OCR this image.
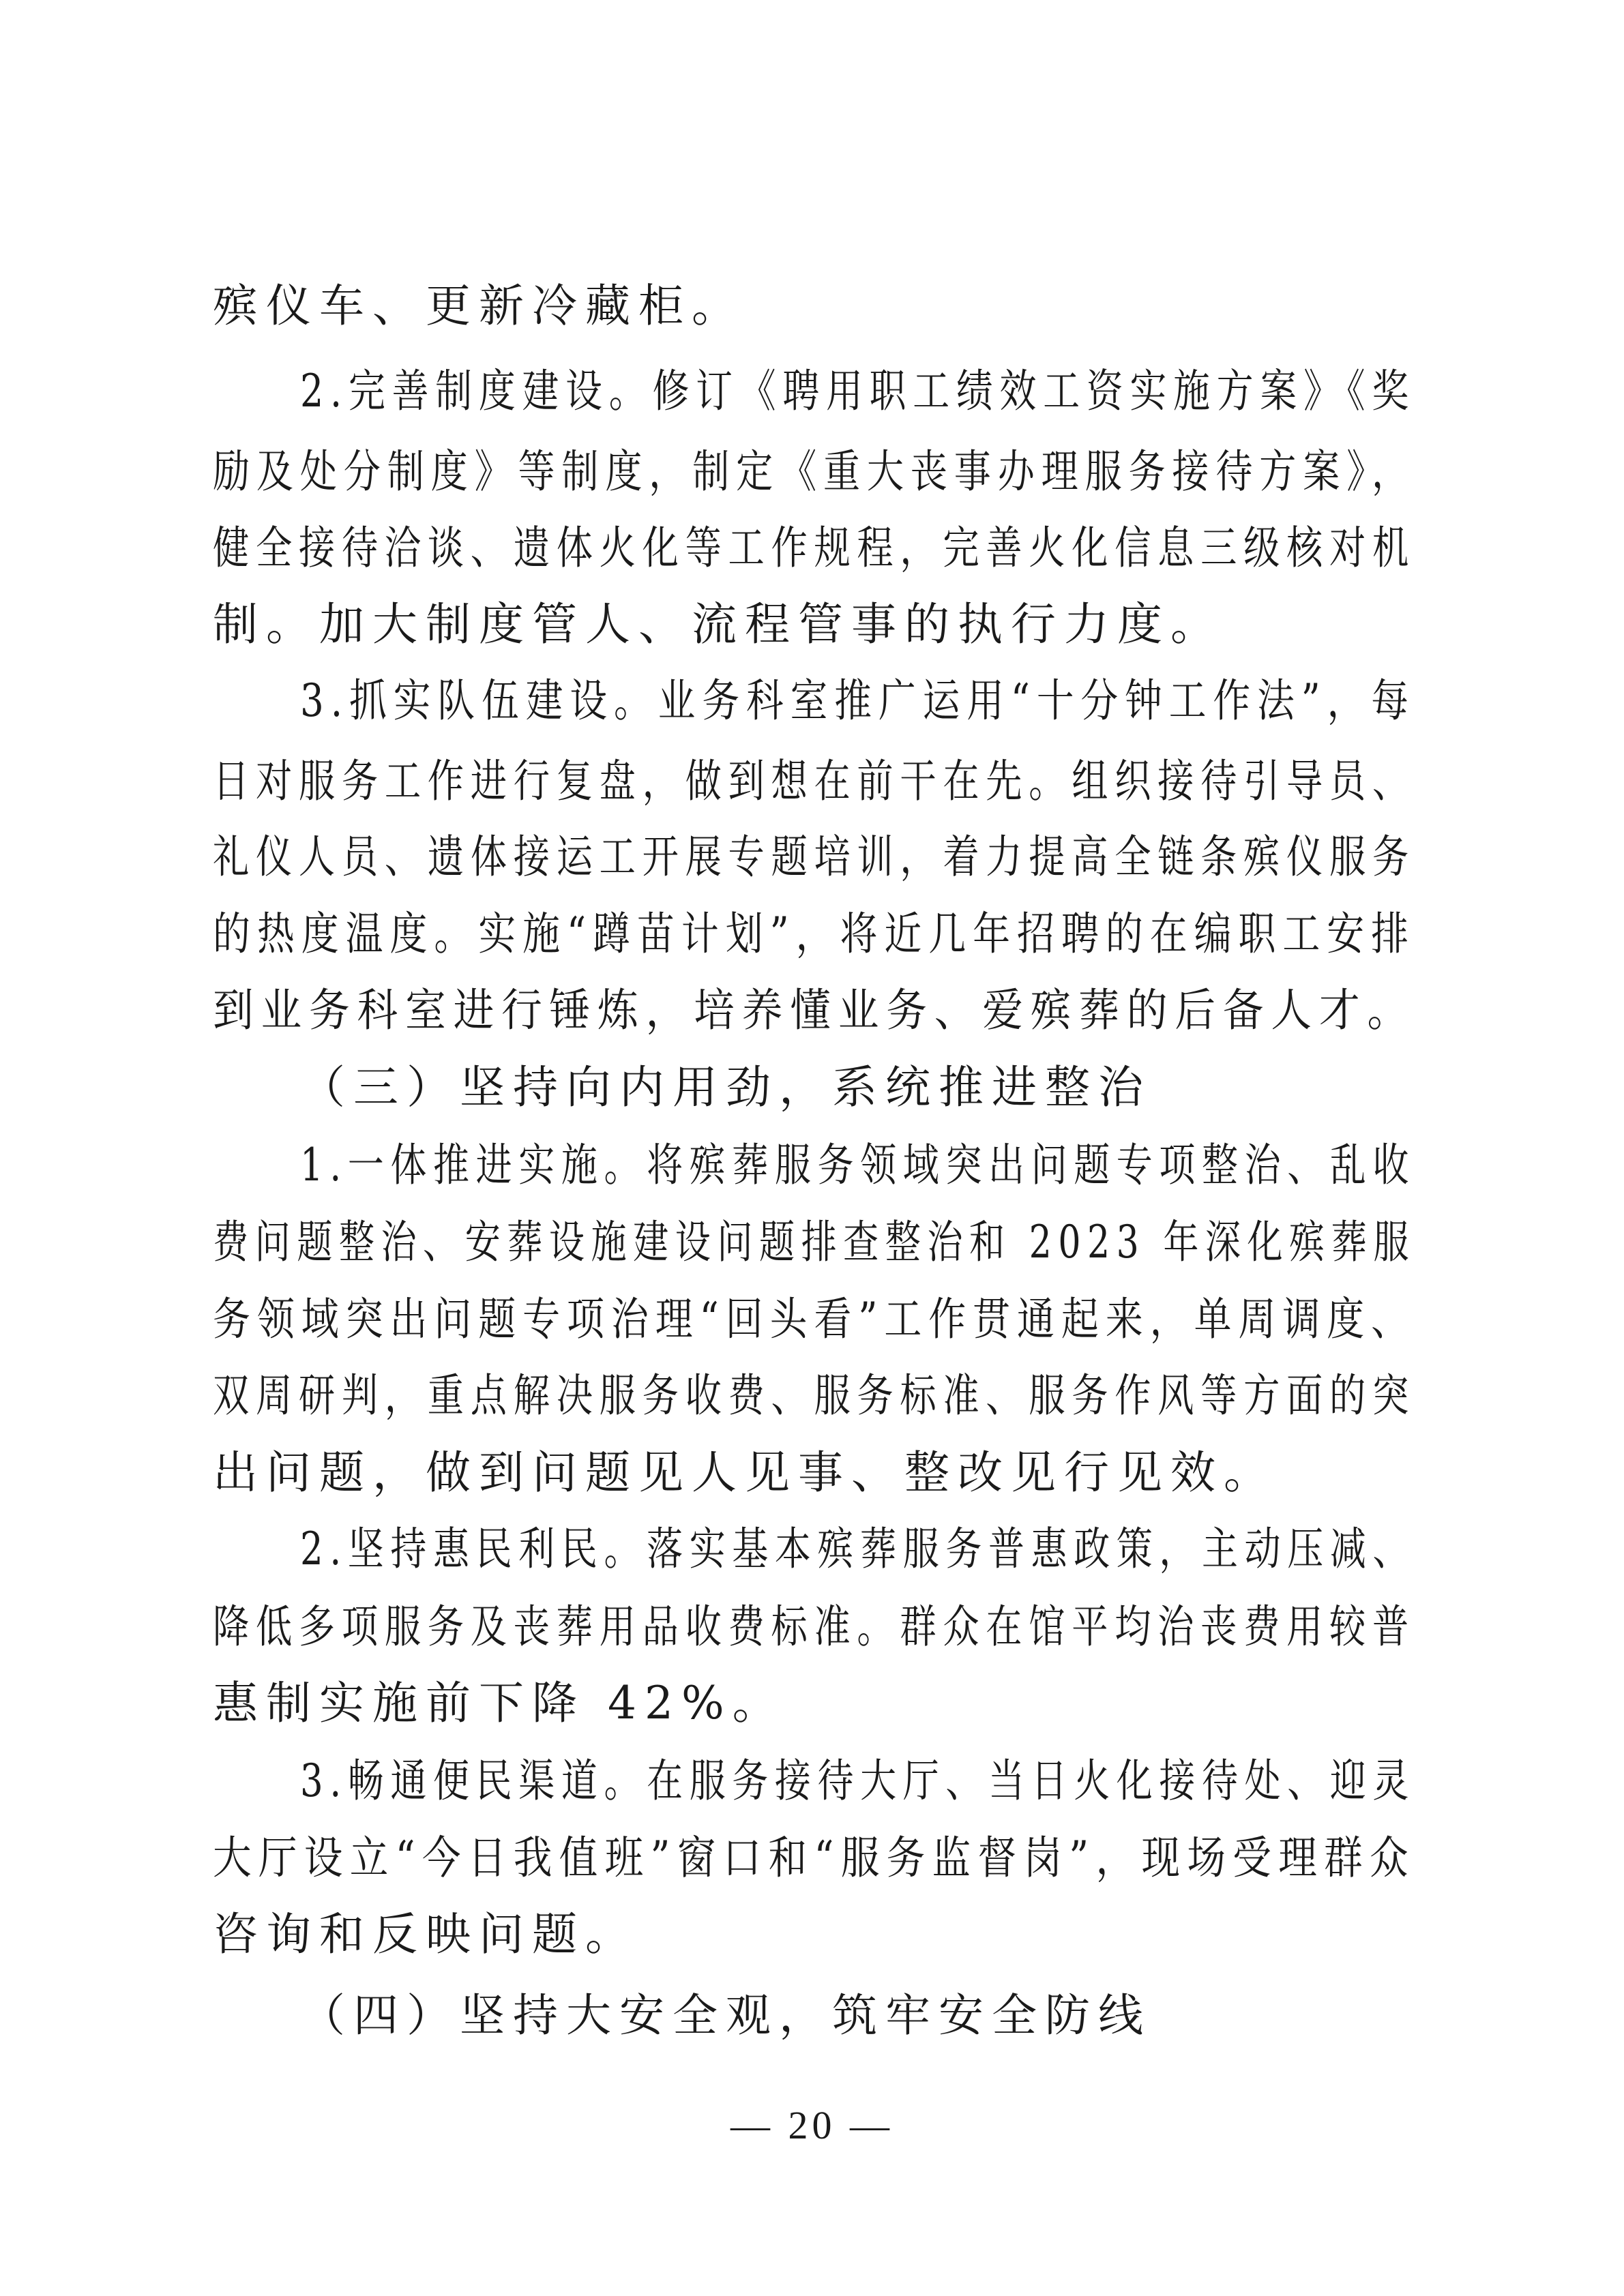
殡仪车、更新冷藏柜。
2.完善制度建设。修订《聘用职工绩效工资实施方案》《奖
励及处分制度》等制度，制定《重大丧事办理服务接待方案》，
健全接待洽谈、遗体火化等工作规程，完善火化信息三级核对机
制。加大制度管人、流程管事的执行力度。
3.抓实队伍建设。业务科室推广运用“十分钟工作法”，每
日对服务工作进行复盘，做到想在前干在先。组织接待引导员、
礼仪人员、遗体接运工开展专题培训，着力提高全链条殡仪服务
的热度温度。实施“蹲苗计划”，将近几年招聘的在编职工安排
到业务科室进行锤炼，培养懂业务、爱殡葬的后备人才。
（三）坚持向内用劲，系统推进整治
1.一体推进实施。将殡葬服务领域突出问题专项整治、乱收
费问题整治、安葬设施建设问题排查整治和 2023 年深化殡葬服
务领域突出问题专项治理“回头看”工作贯通起来，单周调度、
双周研判，重点解决服务收费、服务标准、服务作风等方面的突
出问题，做到问题见人见事、整改见行见效。
2.坚持惠民利民。落实基本殡葬服务普惠政策，主动压减、
降低多项服务及丧葬用品收费标准。群众在馆平均治丧费用较普
惠制实施前下降 42%。
3.畅通便民渠道。在服务接待大厅、当日火化接待处、迎灵
大厅设立“今日我值班”窗口和“服务监督岗”，现场受理群众
咨询和反映问题。
（四）坚持大安全观，筑牢安全防线
— 20 —
